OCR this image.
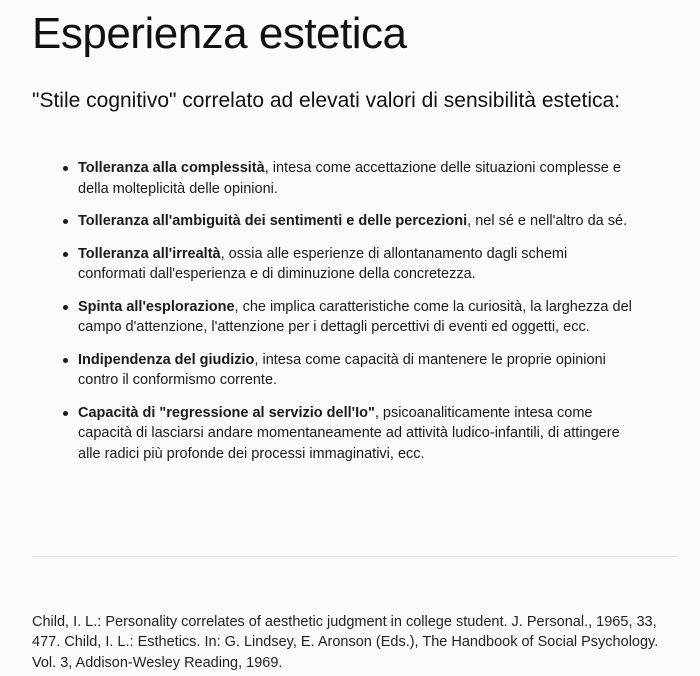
Esperienza estetica
"Stile cognitivo" correlato ad elevati valori di sensibilità estetica:
Tolleranza alla complessità, intesa come accettazione delle situazioni complesse e della molteplicità delle opinioni.
Tolleranza all'ambiguità dei sentimenti e delle percezioni, nel sé e nell'altro da sé.
Tolleranza all'irrealtà, ossia alle esperienze di allontanamento dagli schemi conformati dall'esperienza e di diminuzione della concretezza.
Spinta all'esplorazione, che implica caratteristiche come la curiosità, la larghezza del campo d'attenzione, l'attenzione per i dettagli percettivi di eventi ed oggetti, ecc.
Indipendenza del giudizio, intesa come capacità di mantenere le proprie opinioni contro il conformismo corrente.
Capacità di "regressione al servizio dell'Io", psicoanaliticamente intesa come capacità di lasciarsi andare momentaneamente ad attività ludico-infantili, di attingere alle radici più profonde dei processi immaginativi, ecc.

Child, I. L.: Personality correlates of aesthetic judgment in college student. J. Personal., 1965, 33, 477. Child, I. L.: Esthetics. In: G. Lindsey, E. Aronson (Eds.), The Handbook of Social Psychology. Vol. 3, Addison-Wesley Reading, 1969.
